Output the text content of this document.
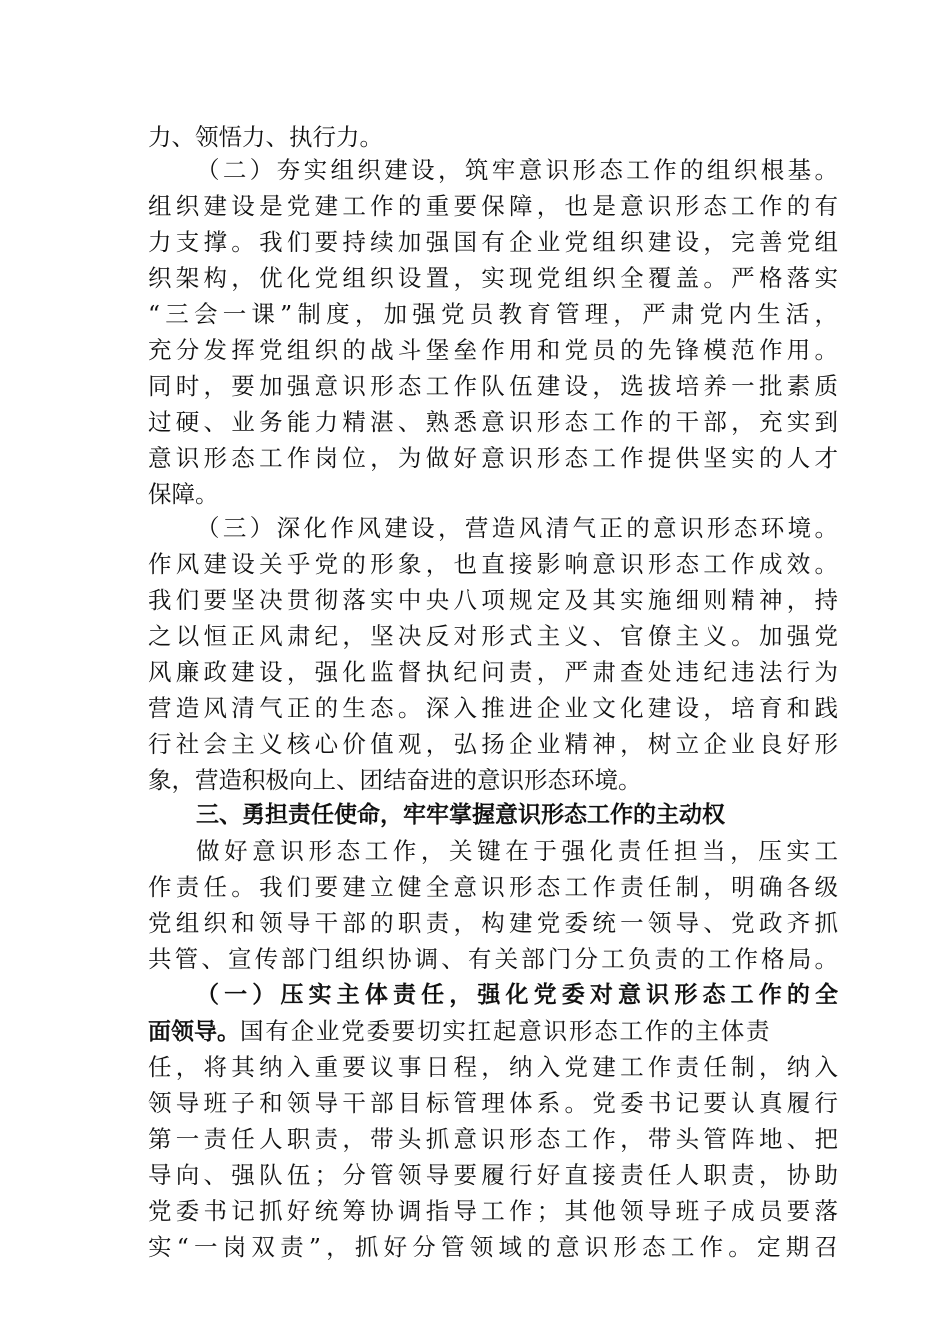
力、领悟力、执行力。
（二）夯实组织建设，筑牢意识形态工作的组织根基。
组织建设是党建工作的重要保障，也是意识形态工作的有
力支撑。我们要持续加强国有企业党组织建设，完善党组
织架构，优化党组织设置，实现党组织全覆盖。严格落实
“三会一课”制度，加强党员教育管理，严肃党内生活，
充分发挥党组织的战斗堡垒作用和党员的先锋模范作用。
同时，要加强意识形态工作队伍建设，选拔培养一批素质
过硬、业务能力精湛、熟悉意识形态工作的干部，充实到
意识形态工作岗位，为做好意识形态工作提供坚实的人才
保障。
（三）深化作风建设，营造风清气正的意识形态环境。
作风建设关乎党的形象，也直接影响意识形态工作成效。
我们要坚决贯彻落实中央八项规定及其实施细则精神，持
之以恒正风肃纪，坚决反对形式主义、官僚主义。加强党
风廉政建设，强化监督执纪问责，严肃查处违纪违法行为
营造风清气正的生态。深入推进企业文化建设，培育和践
行社会主义核心价值观，弘扬企业精神，树立企业良好形
象，营造积极向上、团结奋进的意识形态环境。
三、勇担责任使命，牢牢掌握意识形态工作的主动权
做好意识形态工作，关键在于强化责任担当，压实工
作责任。我们要建立健全意识形态工作责任制，明确各级
党组织和领导干部的职责，构建党委统一领导、党政齐抓
共管、宣传部门组织协调、有关部门分工负责的工作格局。
（一）压实主体责任，强化党委对意识形态工作的全
面领导。国有企业党委要切实扛起意识形态工作的主体责
任，将其纳入重要议事日程，纳入党建工作责任制，纳入
领导班子和领导干部目标管理体系。党委书记要认真履行
第一责任人职责，带头抓意识形态工作，带头管阵地、把
导向、强队伍；分管领导要履行好直接责任人职责，协助
党委书记抓好统筹协调指导工作；其他领导班子成员要落
实“一岗双责”，抓好分管领域的意识形态工作。定期召
